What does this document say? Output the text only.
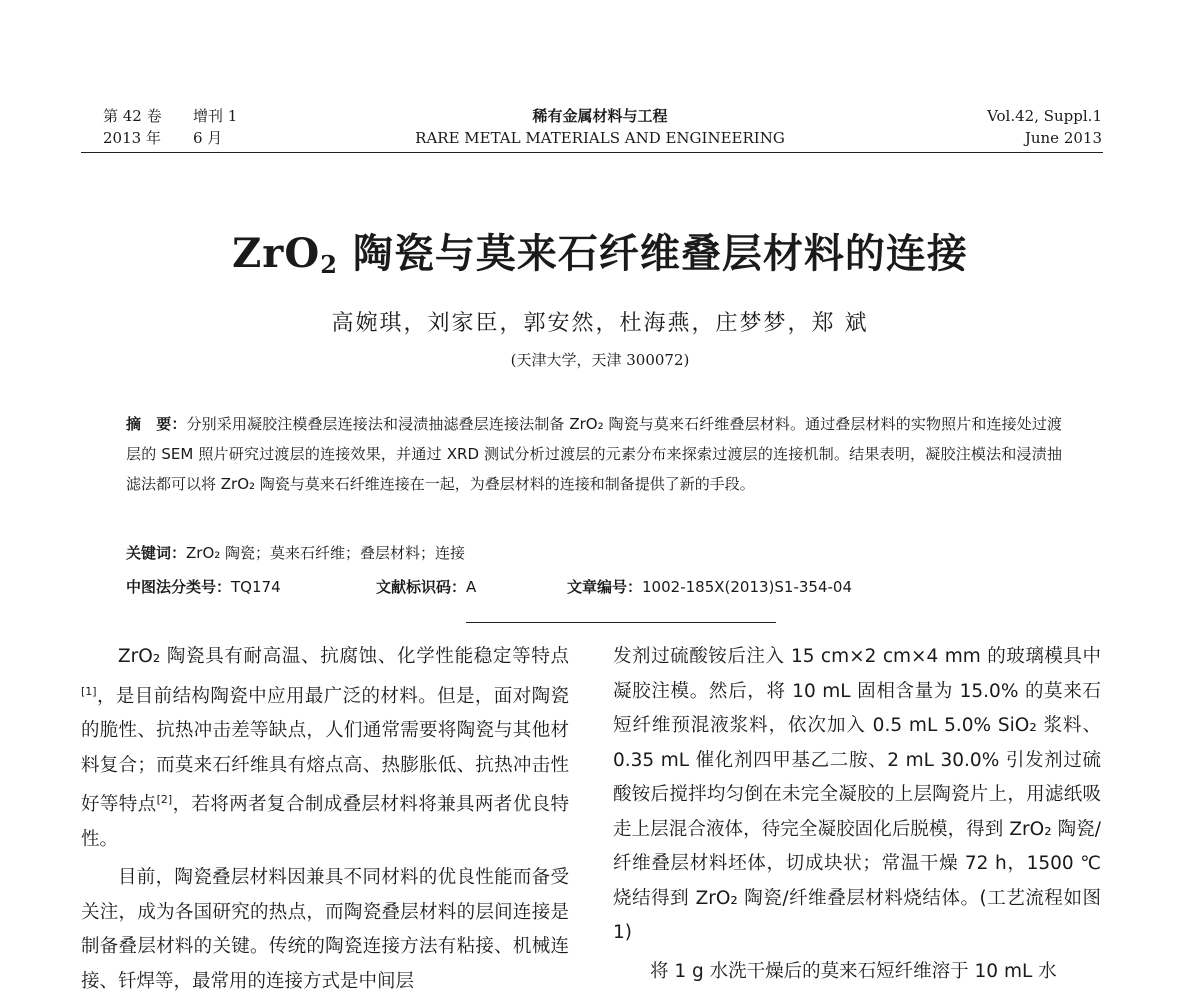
第 42 卷 增刊 1
2013 年 6 月
稀有金属材料与工程
RARE METAL MATERIALS AND ENGINEERING
Vol.42, Suppl.1
June 2013
ZrO$_2$ 陶瓷与莫来石纤维叠层材料的连接
高婉琪，刘家臣，郭安然，杜海燕，庄梦梦，郑 斌
(天津大学，天津 300072)
摘　要：分别采用凝胶注模叠层连接法和浸渍抽滤叠层连接法制备 ZrO₂ 陶瓷与莫来石纤维叠层材料。通过叠层材料的实物照片和连接处过渡层的 SEM 照片研究过渡层的连接效果，并通过 XRD 测试分析过渡层的元素分布来探索过渡层的连接机制。结果表明，凝胶注模法和浸渍抽滤法都可以将 ZrO₂ 陶瓷与莫来石纤维连接在一起，为叠层材料的连接和制备提供了新的手段。
关键词：ZrO₂ 陶瓷；莫来石纤维；叠层材料；连接
中图法分类号：TQ174	文献标识码：A	文章编号：1002-185X(2013)S1-354-04

ZrO₂ 陶瓷具有耐高温、抗腐蚀、化学性能稳定等特点[1]，是目前结构陶瓷中应用最广泛的材料。但是，面对陶瓷的脆性、抗热冲击差等缺点，人们通常需要将陶瓷与其他材料复合；而莫来石纤维具有熔点高、热膨胀低、抗热冲击性好等特点[2]，若将两者复合制成叠层材料将兼具两者优良特性。

目前，陶瓷叠层材料因兼具不同材料的优良性能而备受关注，成为各国研究的热点，而陶瓷叠层材料的层间连接是制备叠层材料的关键。传统的陶瓷连接方法有粘接、机械连接、钎焊等，最常用的连接方式是中间层

发剂过硫酸铵后注入 15 cm×2 cm×4 mm 的玻璃模具中凝胶注模。然后，将 10 mL 固相含量为 15.0% 的莫来石短纤维预混液浆料，依次加入 0.5 mL 5.0% SiO₂ 浆料、0.35 mL 催化剂四甲基乙二胺、2 mL 30.0% 引发剂过硫酸铵后搅拌均匀倒在未完全凝胶的上层陶瓷片上，用滤纸吸走上层混合液体，待完全凝胶固化后脱模，得到 ZrO₂ 陶瓷/纤维叠层材料坯体，切成块状；常温干燥 72 h，1500 ℃烧结得到 ZrO₂ 陶瓷/纤维叠层材料烧结体。(工艺流程如图 1)

将 1 g 水洗干燥后的莫来石短纤维溶于 10 mL 水
